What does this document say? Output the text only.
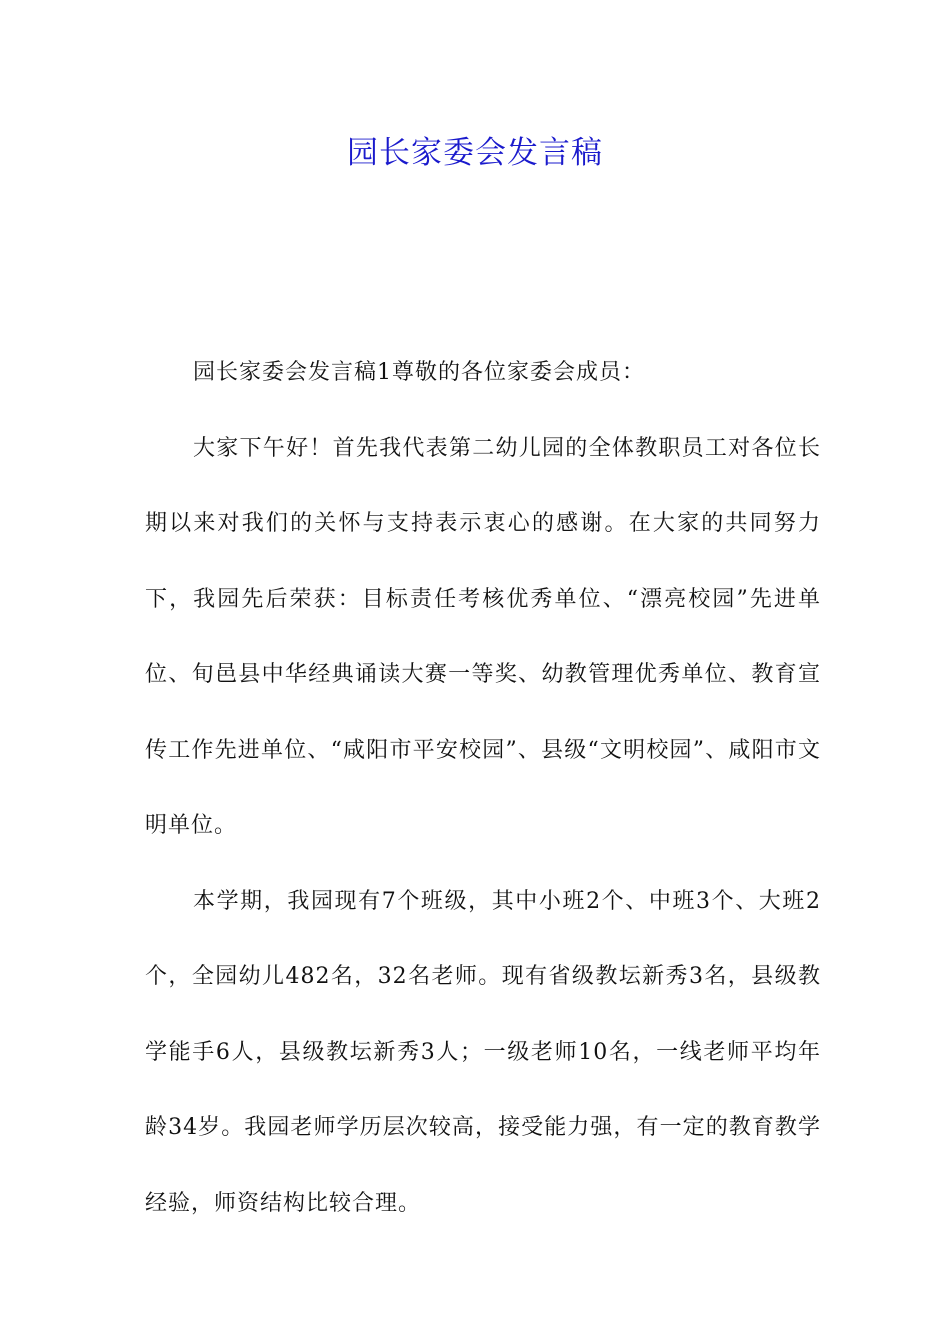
园长家委会发言稿

园长家委会发言稿1尊敬的各位家委会成员：

大家下午好！首先我代表第二幼儿园的全体教职员工对各位长期以来对我们的关怀与支持表示衷心的感谢。在大家的共同努力下，我园先后荣获：目标责任考核优秀单位、“漂亮校园”先进单位、旬邑县中华经典诵读大赛一等奖、幼教管理优秀单位、教育宣传工作先进单位、“咸阳市平安校园”、县级“文明校园”、咸阳市文明单位。

本学期，我园现有7个班级，其中小班2个、中班3个、大班2个，全园幼儿482名，32名老师。现有省级教坛新秀3名，县级教学能手6人，县级教坛新秀3人；一级老师10名，一线老师平均年龄34岁。我园老师学历层次较高，接受能力强，有一定的教育教学经验，师资结构比较合理。
